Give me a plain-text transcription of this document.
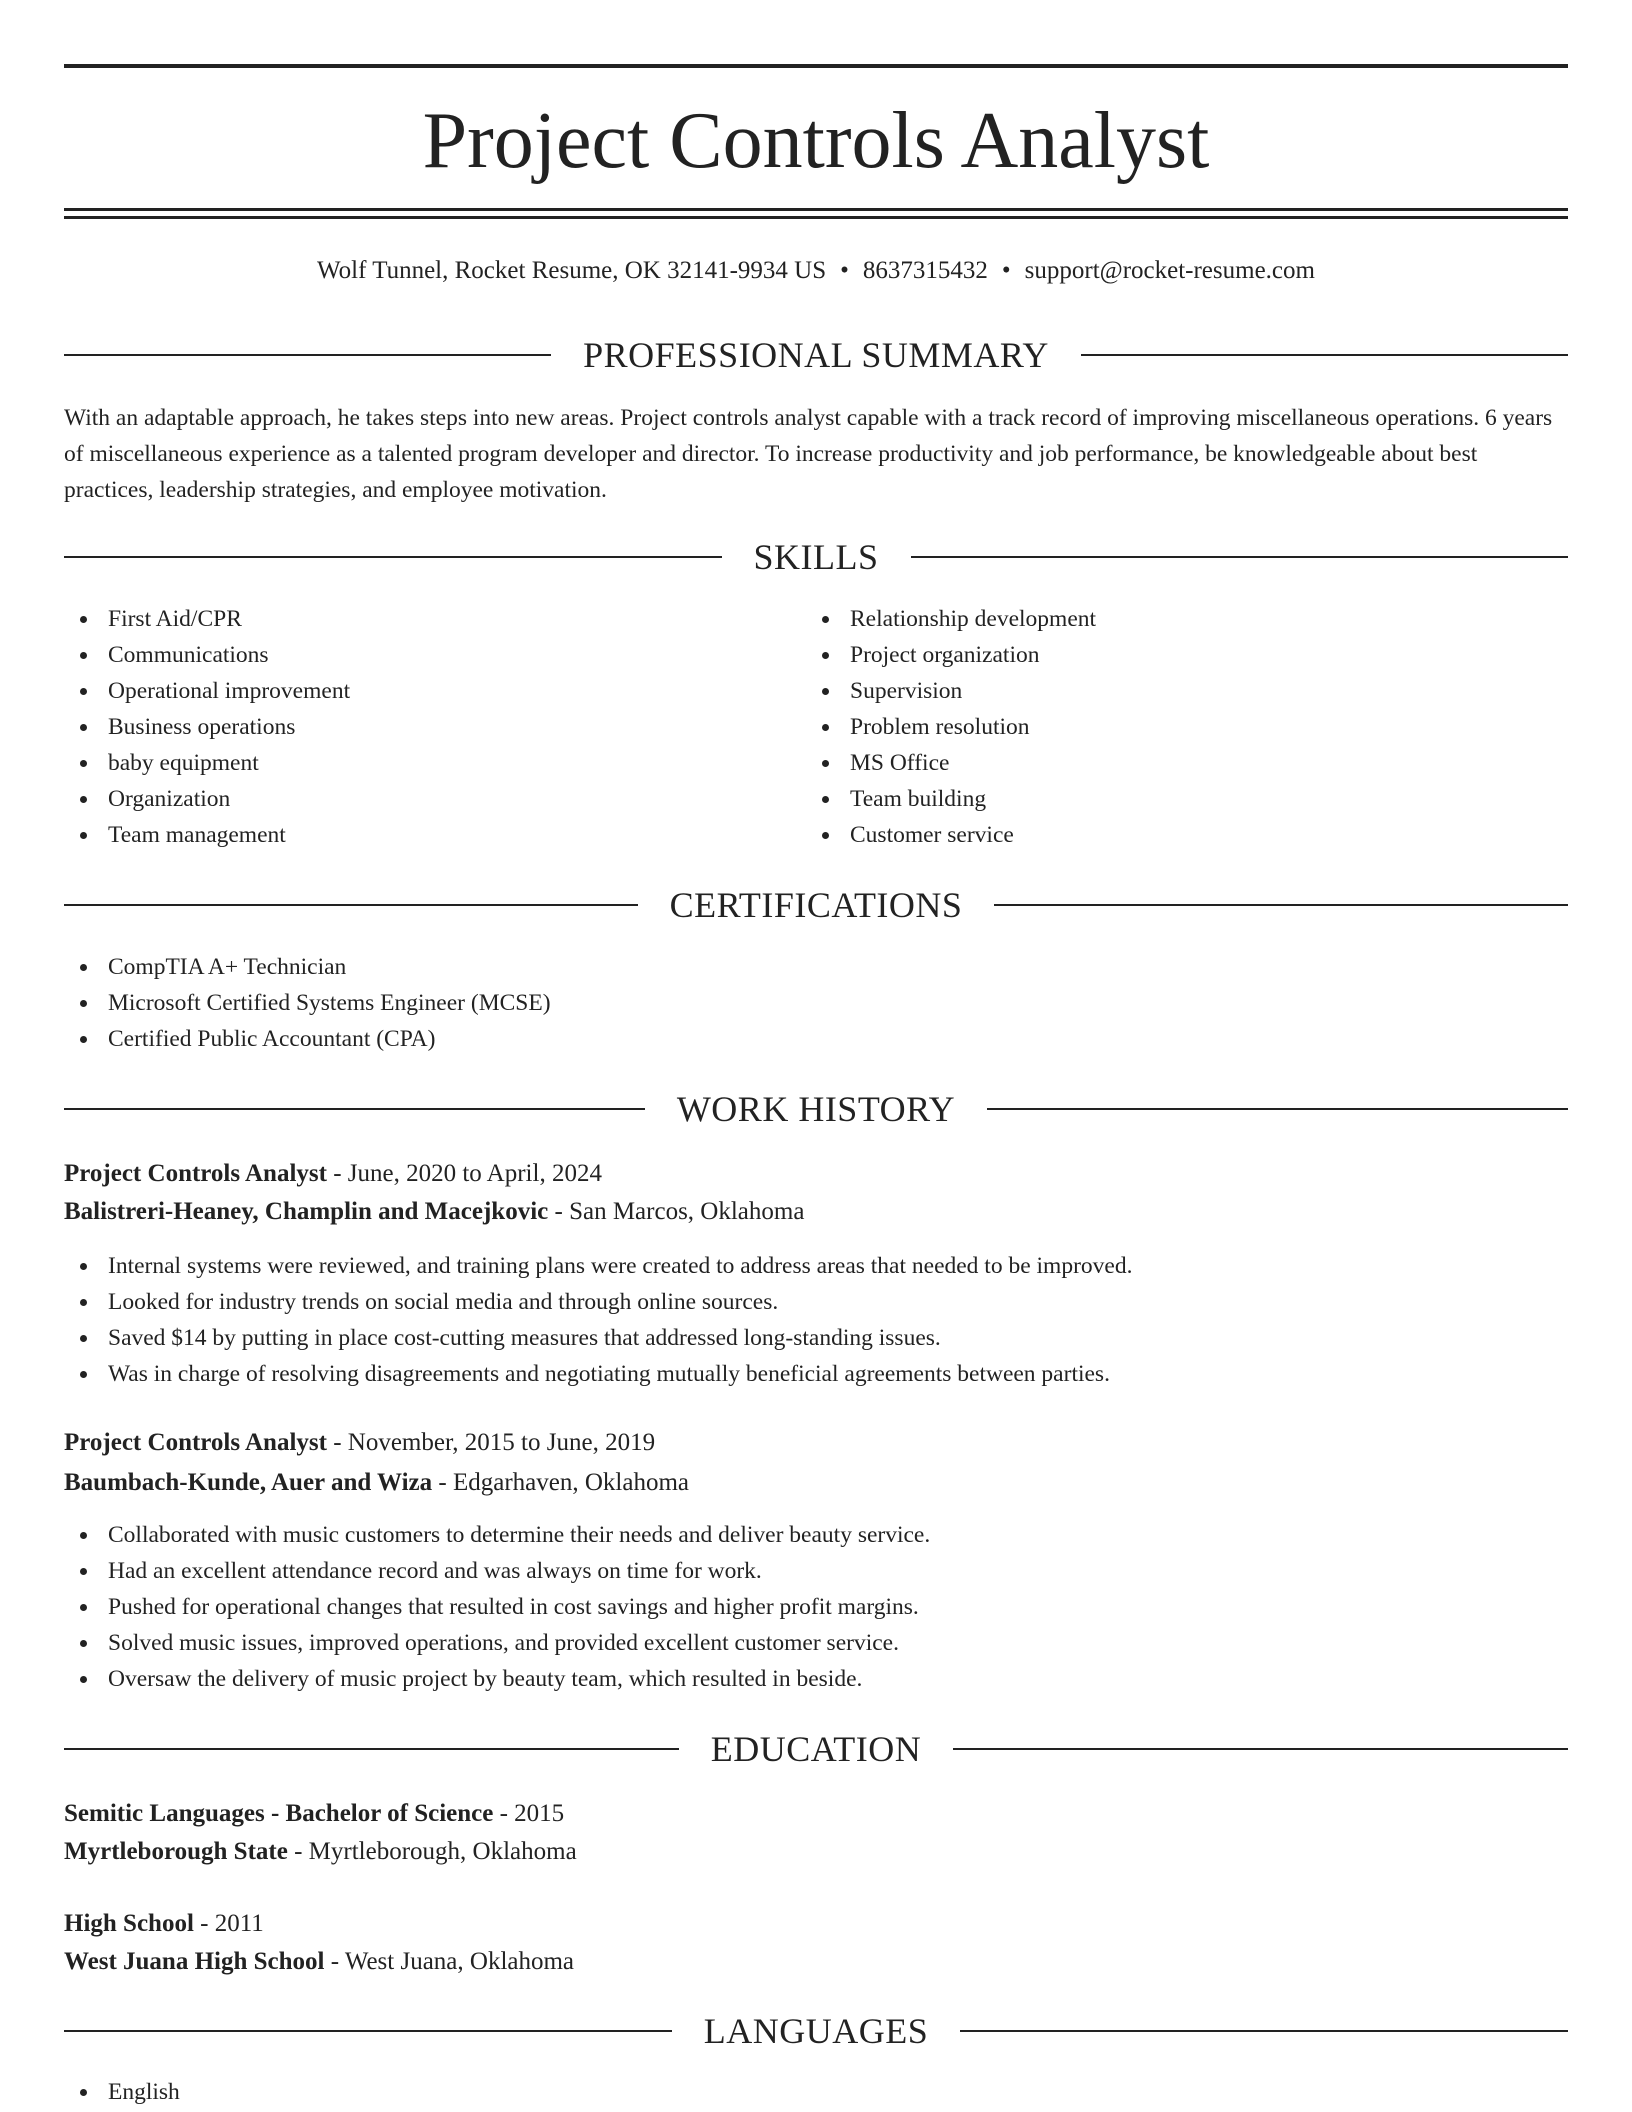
Project Controls Analyst
Wolf Tunnel, Rocket Resume, OK 32141-9934 US • 8637315432 • support@rocket-resume.com
PROFESSIONAL SUMMARY
With an adaptable approach, he takes steps into new areas. Project controls analyst capable with a track record of improving miscellaneous operations. 6 years of miscellaneous experience as a talented program developer and director. To increase productivity and job performance, be knowledgeable about best practices, leadership strategies, and employee motivation.
SKILLS
First Aid/CPR
Communications
Operational improvement
Business operations
baby equipment
Organization
Team management
Relationship development
Project organization
Supervision
Problem resolution
MS Office
Team building
Customer service
CERTIFICATIONS
CompTIA A+ Technician
Microsoft Certified Systems Engineer (MCSE)
Certified Public Accountant (CPA)
WORK HISTORY
Project Controls Analyst - June, 2020 to April, 2024
Balistreri-Heaney, Champlin and Macejkovic - San Marcos, Oklahoma
Internal systems were reviewed, and training plans were created to address areas that needed to be improved.
Looked for industry trends on social media and through online sources.
Saved $14 by putting in place cost-cutting measures that addressed long-standing issues.
Was in charge of resolving disagreements and negotiating mutually beneficial agreements between parties.
Project Controls Analyst - November, 2015 to June, 2019
Baumbach-Kunde, Auer and Wiza - Edgarhaven, Oklahoma
Collaborated with music customers to determine their needs and deliver beauty service.
Had an excellent attendance record and was always on time for work.
Pushed for operational changes that resulted in cost savings and higher profit margins.
Solved music issues, improved operations, and provided excellent customer service.
Oversaw the delivery of music project by beauty team, which resulted in beside.
EDUCATION
Semitic Languages - Bachelor of Science - 2015
Myrtleborough State - Myrtleborough, Oklahoma
High School - 2011
West Juana High School - West Juana, Oklahoma
LANGUAGES
English
